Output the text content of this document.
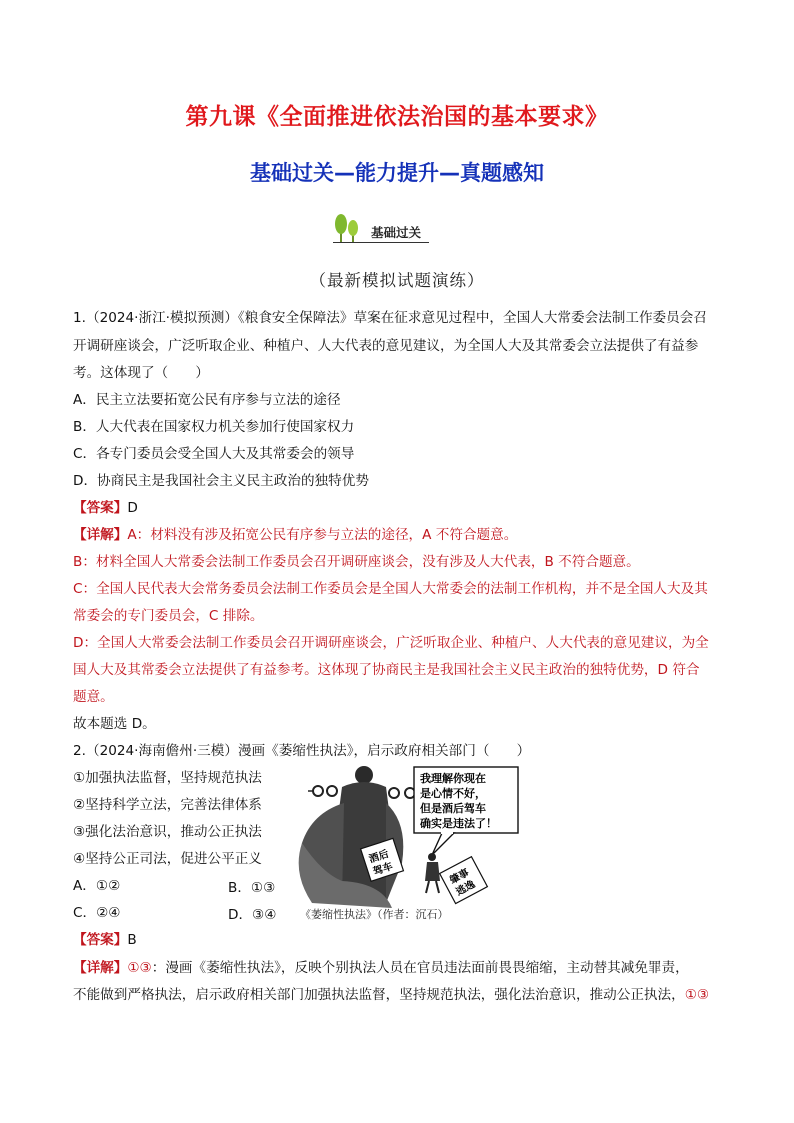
第九课《全面推进依法治国的基本要求》
基础过关—能力提升—真题感知
基础过关
（最新模拟试题演练）
1.（2024·浙江·模拟预测）《粮食安全保障法》草案在征求意见过程中，全国人大常委会法制工作委员会召
开调研座谈会，广泛听取企业、种植户、人大代表的意见建议，为全国人大及其常委会立法提供了有益参
考。这体现了（　　）
A．民主立法要拓宽公民有序参与立法的途径
B．人大代表在国家权力机关参加行使国家权力
C．各专门委员会受全国人大及其常委会的领导
D．协商民主是我国社会主义民主政治的独特优势
【答案】D
【详解】A：材料没有涉及拓宽公民有序参与立法的途径，A 不符合题意。
B：材料全国人大常委会法制工作委员会召开调研座谈会，没有涉及人大代表，B 不符合题意。
C：全国人民代表大会常务委员会法制工作委员会是全国人大常委会的法制工作机构，并不是全国人大及其
常委会的专门委员会，C 排除。
D：全国人大常委会法制工作委员会召开调研座谈会，广泛听取企业、种植户、人大代表的意见建议，为全
国人大及其常委会立法提供了有益参考。这体现了协商民主是我国社会主义民主政治的独特优势，D 符合
题意。
故本题选 D。
2.（2024·海南儋州·三模）漫画《萎缩性执法》，启示政府相关部门（　　）
①加强执法监督，坚持规范执法
②坚持科学立法，完善法律体系
③强化法治意识，推动公正执法
④坚持公正司法，促进公平正义
A．①②	B．①③
C．②④	D．③④
我理解你现在
是心情不好，
但是酒后驾车
确实是违法了！
酒后
驾车	肇事
逃逸
《萎缩性执法》（作者：沉石）
【答案】B
【详解】①③：漫画《萎缩性执法》，反映个别执法人员在官员违法面前畏畏缩缩，主动替其减免罪责，
不能做到严格执法，启示政府相关部门加强执法监督，坚持规范执法，强化法治意识，推动公正执法，①③
